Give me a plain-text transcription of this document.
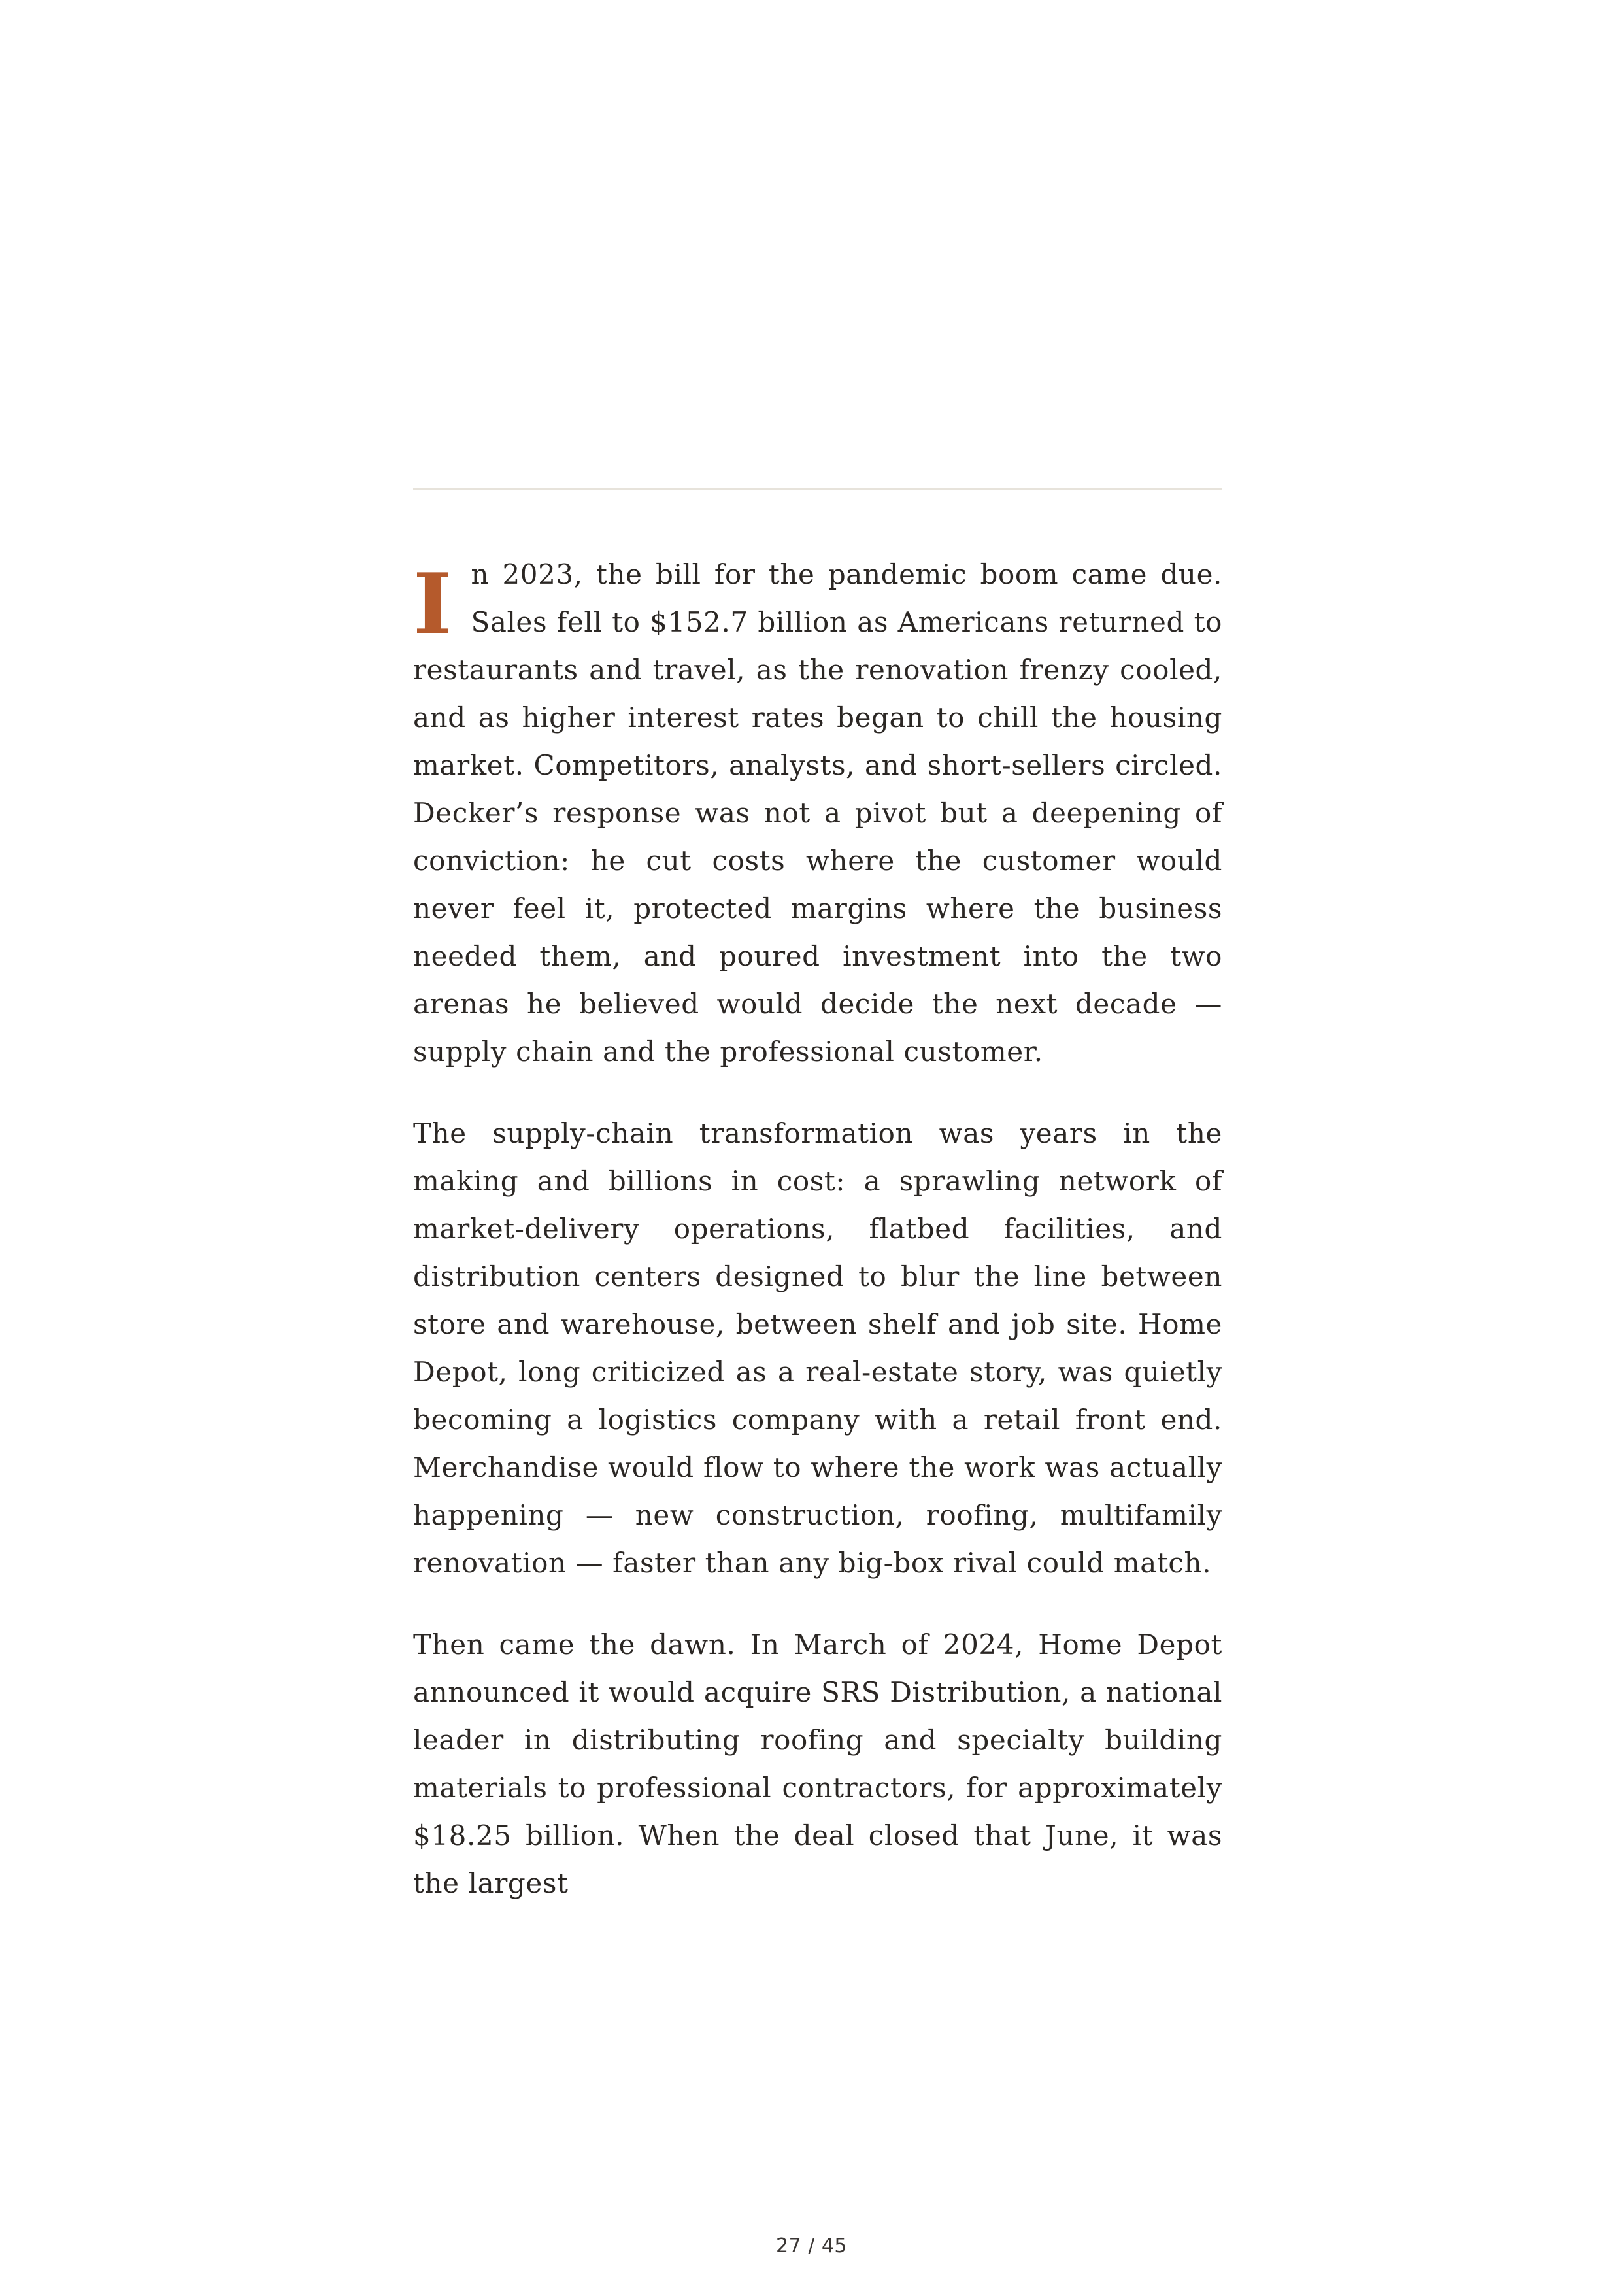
In 2023, the bill for the pandemic boom came due. Sales fell to $152.7 billion as Americans returned to restaurants and travel, as the renovation frenzy cooled, and as higher interest rates began to chill the housing market. Competitors, analysts, and short-sellers circled. Decker’s response was not a pivot but a deepening of conviction: he cut costs where the customer would never feel it, protected margins where the business needed them, and poured investment into the two arenas he believed would decide the next decade — supply chain and the professional customer.

The supply-chain transformation was years in the making and billions in cost: a sprawling network of market-delivery operations, flatbed facilities, and distribution centers designed to blur the line between store and warehouse, between shelf and job site. Home Depot, long criticized as a real-estate story, was quietly becoming a logistics company with a retail front end. Merchandise would flow to where the work was actually happening — new construction, roofing, multifamily renovation — faster than any big-box rival could match.

Then came the dawn. In March of 2024, Home Depot announced it would acquire SRS Distribution, a national leader in distributing roofing and specialty building materials to professional contractors, for approximately $18.25 billion. When the deal closed that June, it was the largest

27 / 45
